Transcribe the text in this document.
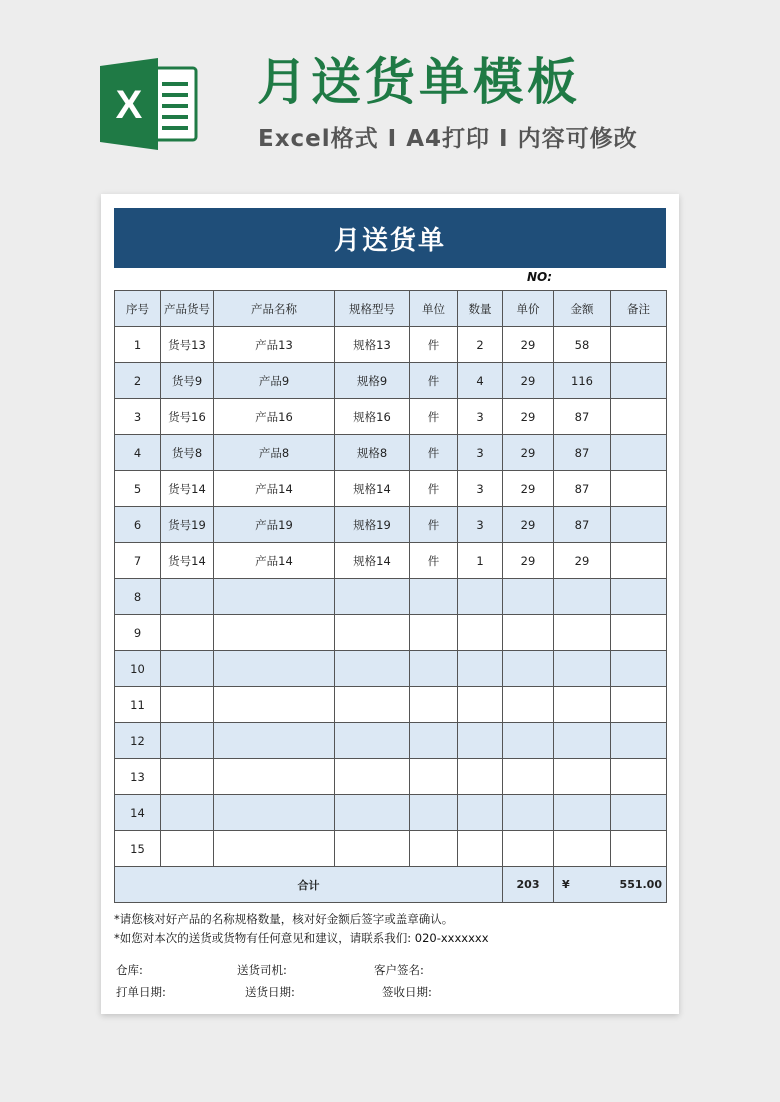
X 月送货单模板
Excel格式 I A4打印 I 内容可修改
月送货单
NO:
序号	产品货号	产品名称	规格型号	单位	数量	单价	金额	备注
1	货号13	产品13	规格13	件	2	29	58	
2	货号9	产品9	规格9	件	4	29	116	
3	货号16	产品16	规格16	件	3	29	87	
4	货号8	产品8	规格8	件	3	29	87	
5	货号14	产品14	规格14	件	3	29	87	
6	货号19	产品19	规格19	件	3	29	87	
7	货号14	产品14	规格14	件	1	29	29	
8								
9								
10								
11								
12								
13								
14								
15								
合计						203	¥ 551.00	
*请您核对好产品的名称规格数量，核对好金额后签字或盖章确认。
*如您对本次的送货或货物有任何意见和建议，请联系我们: 020-xxxxxxx
仓库:	送货司机:	客户签名:
打单日期:	送货日期:	签收日期:
